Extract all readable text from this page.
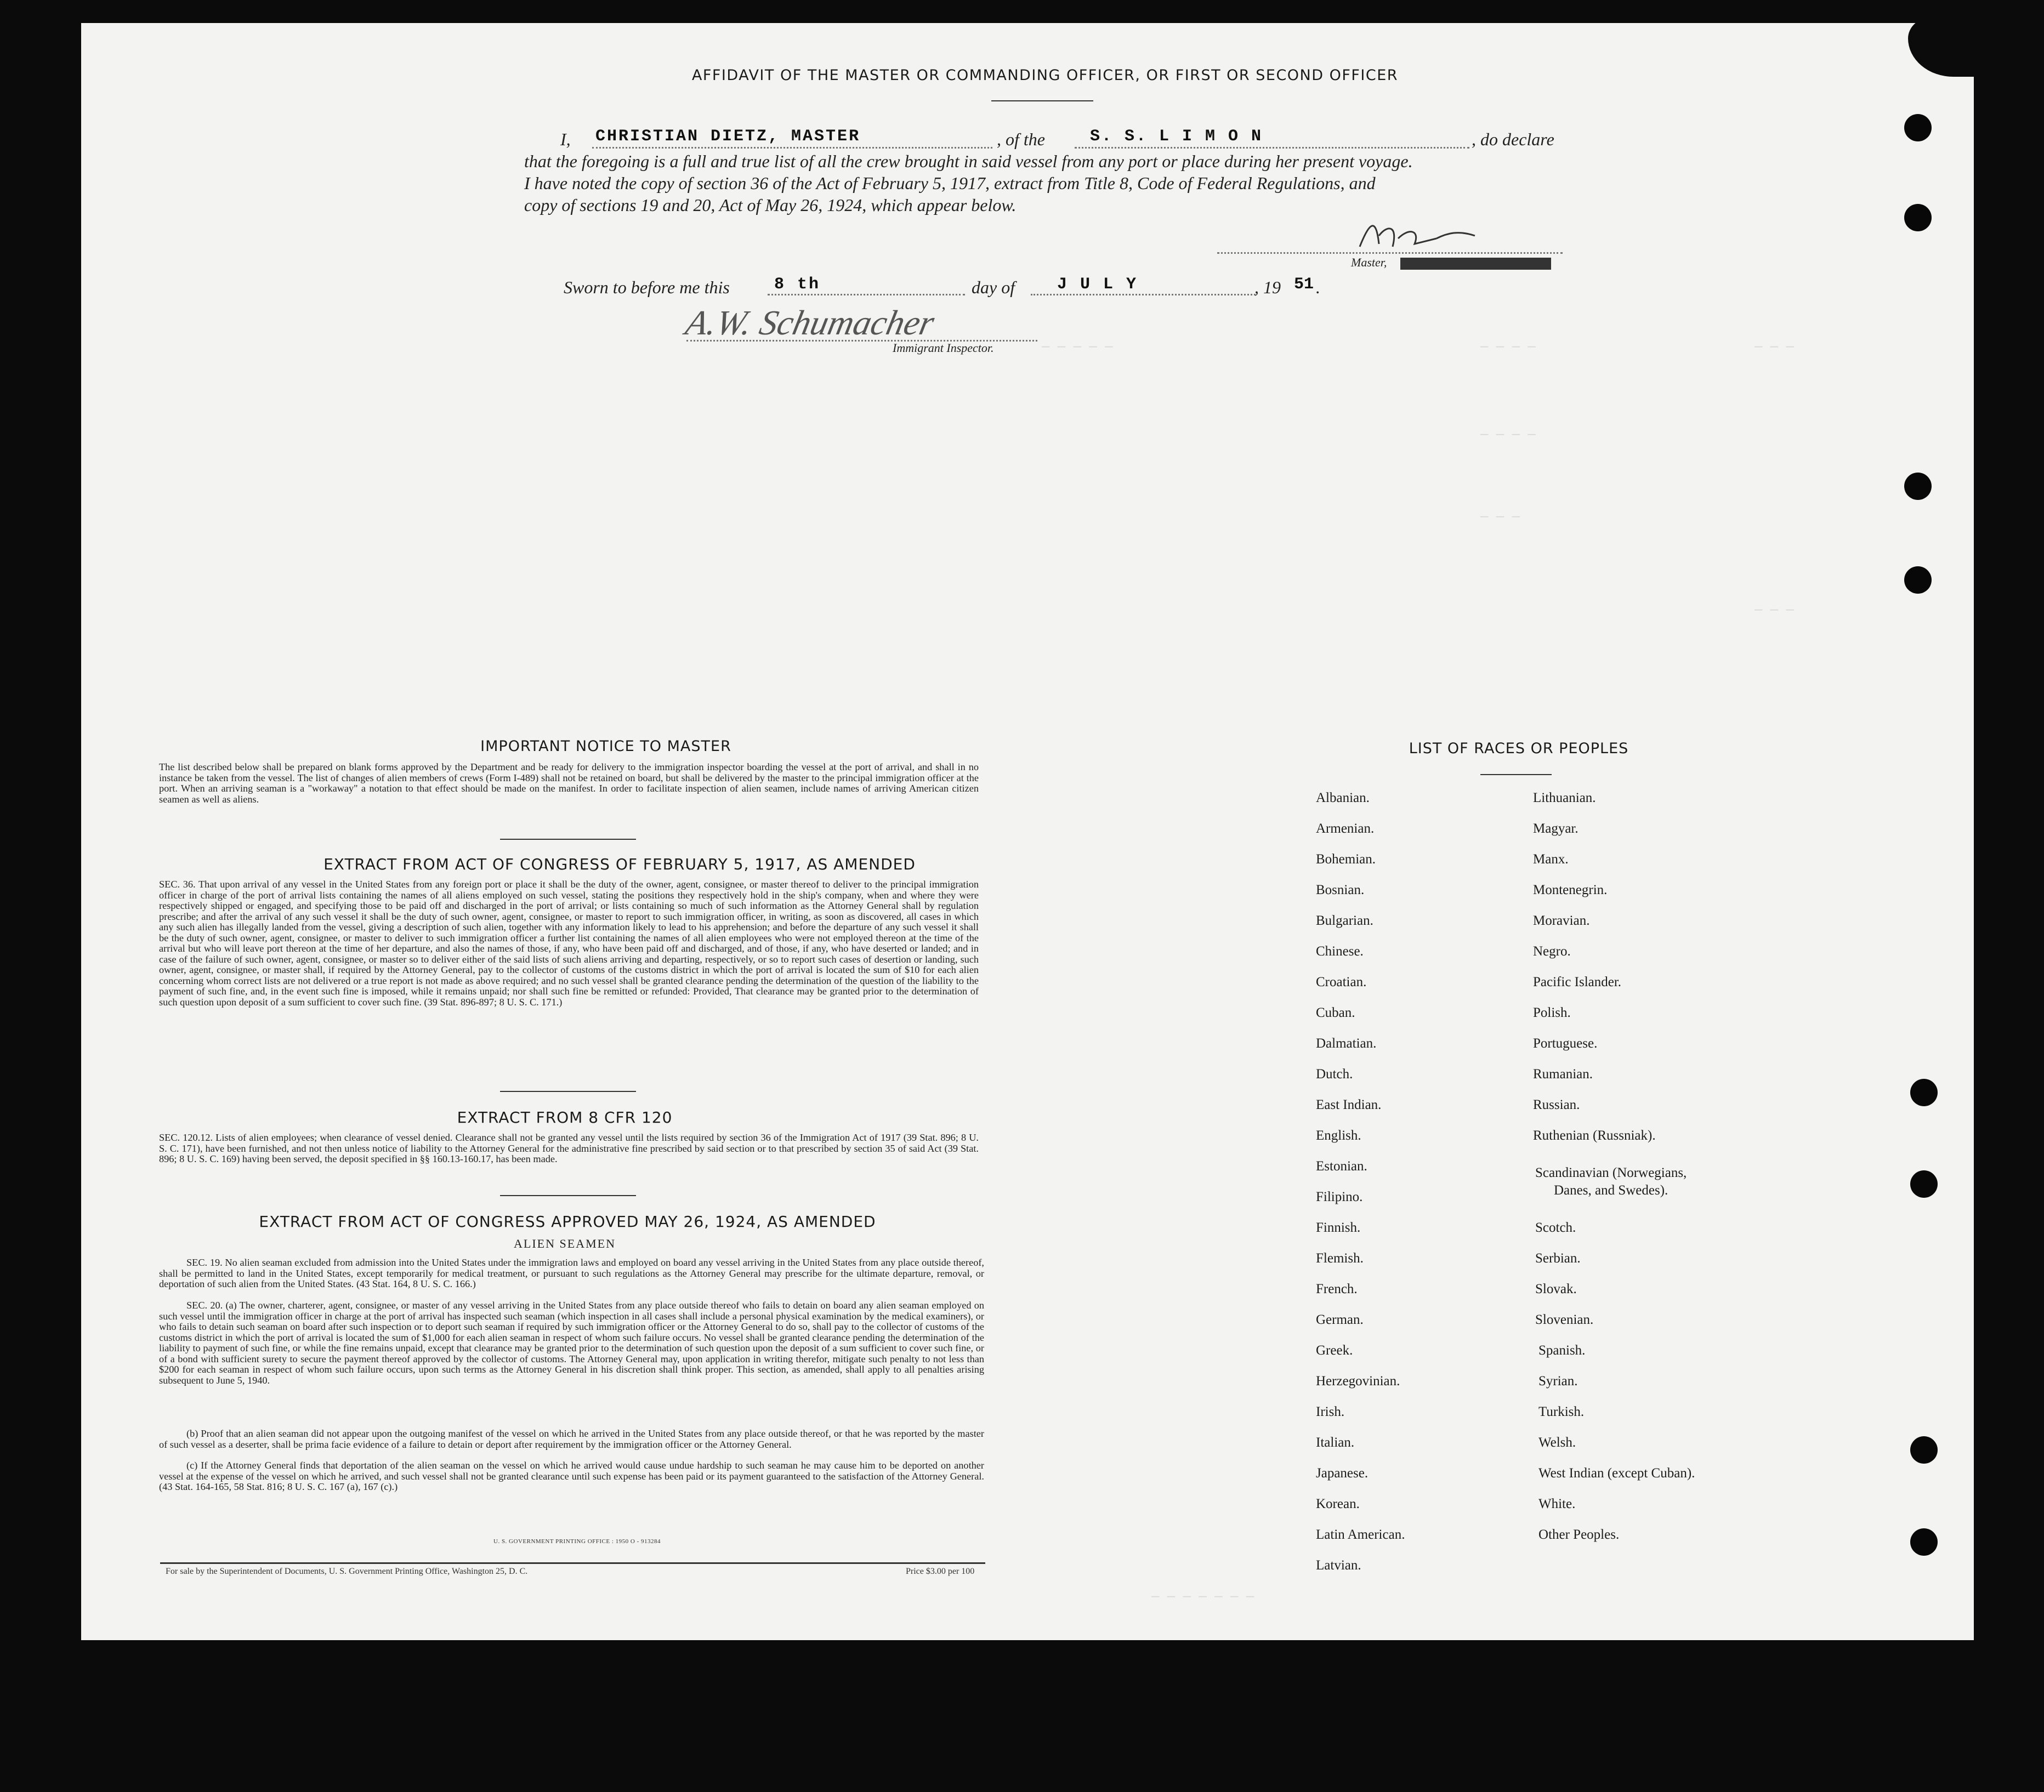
— — — — —	— — — —	— — —
— — — —
— — —
— — —
— — — — — — —
AFFIDAVIT OF THE MASTER OR COMMANDING OFFICER, OR FIRST OR SECOND OFFICER
I, CHRISTIAN DIETZ, MASTER	, of the	S. S. L I M O N	, do declare
that the foregoing is a full and true list of all the crew brought in said vessel from any port or place during her present voyage.
I have noted the copy of section 36 of the Act of February 5, 1917, extract from Title 8, Code of Federal Regulations, and
copy of sections 19 and 20, Act of May 26, 1924, which appear below.
Master,
Sworn to before me this	8 th	day of	J U L Y	, 19 51 .
A.W. Schumacher
Immigrant Inspector.
IMPORTANT NOTICE TO MASTER
The list described below shall be prepared on blank forms approved by the Department and be ready for delivery to the immigration inspector boarding the vessel at the port of arrival, and shall in no instance be taken from the vessel. The list of changes of alien members of crews (Form I-489) shall not be retained on board, but shall be delivered by the master to the principal immigration officer at the port. When an arriving seaman is a "workaway" a notation to that effect should be made on the manifest. In order to facilitate inspection of alien seamen, include names of arriving American citizen seamen as well as aliens.
EXTRACT FROM ACT OF CONGRESS OF FEBRUARY 5, 1917, AS AMENDED
SEC. 36. That upon arrival of any vessel in the United States from any foreign port or place it shall be the duty of the owner, agent, consignee, or master thereof to deliver to the principal immigration officer in charge of the port of arrival lists containing the names of all aliens employed on such vessel, stating the positions they respectively hold in the ship's company, when and where they were respectively shipped or engaged, and specifying those to be paid off and discharged in the port of arrival; or lists containing so much of such information as the Attorney General shall by regulation prescribe; and after the arrival of any such vessel it shall be the duty of such owner, agent, consignee, or master to report to such immigration officer, in writing, as soon as discovered, all cases in which any such alien has illegally landed from the vessel, giving a description of such alien, together with any information likely to lead to his apprehension; and before the departure of any such vessel it shall be the duty of such owner, agent, consignee, or master to deliver to such immigration officer a further list containing the names of all alien employees who were not employed thereon at the time of the arrival but who will leave port thereon at the time of her departure, and also the names of those, if any, who have been paid off and discharged, and of those, if any, who have deserted or landed; and in case of the failure of such owner, agent, consignee, or master so to deliver either of the said lists of such aliens arriving and departing, respectively, or so to report such cases of desertion or landing, such owner, agent, consignee, or master shall, if required by the Attorney General, pay to the collector of customs of the customs district in which the port of arrival is located the sum of $10 for each alien concerning whom correct lists are not delivered or a true report is not made as above required; and no such vessel shall be granted clearance pending the determination of the question of the liability to the payment of such fine, and, in the event such fine is imposed, while it remains unpaid; nor shall such fine be remitted or refunded: Provided, That clearance may be granted prior to the determination of such question upon deposit of a sum sufficient to cover such fine. (39 Stat. 896-897; 8 U. S. C. 171.)
EXTRACT FROM 8 CFR 120
SEC. 120.12. Lists of alien employees; when clearance of vessel denied. Clearance shall not be granted any vessel until the lists required by section 36 of the Immigration Act of 1917 (39 Stat. 896; 8 U. S. C. 171), have been furnished, and not then unless notice of liability to the Attorney General for the administrative fine prescribed by said section or to that prescribed by section 35 of said Act (39 Stat. 896; 8 U. S. C. 169) having been served, the deposit specified in §§ 160.13-160.17, has been made.
EXTRACT FROM ACT OF CONGRESS APPROVED MAY 26, 1924, AS AMENDED
ALIEN SEAMEN
SEC. 19. No alien seaman excluded from admission into the United States under the immigration laws and employed on board any vessel arriving in the United States from any place outside thereof, shall be permitted to land in the United States, except temporarily for medical treatment, or pursuant to such regulations as the Attorney General may prescribe for the ultimate departure, removal, or deportation of such alien from the United States. (43 Stat. 164, 8 U. S. C. 166.)
SEC. 20. (a) The owner, charterer, agent, consignee, or master of any vessel arriving in the United States from any place outside thereof who fails to detain on board any alien seaman employed on such vessel until the immigration officer in charge at the port of arrival has inspected such seaman (which inspection in all cases shall include a personal physical examination by the medical examiners), or who fails to detain such seaman on board after such inspection or to deport such seaman if required by such immigration officer or the Attorney General to do so, shall pay to the collector of customs of the customs district in which the port of arrival is located the sum of $1,000 for each alien seaman in respect of whom such failure occurs. No vessel shall be granted clearance pending the determination of the liability to payment of such fine, or while the fine remains unpaid, except that clearance may be granted prior to the determination of such question upon the deposit of a sum sufficient to cover such fine, or of a bond with sufficient surety to secure the payment thereof approved by the collector of customs. The Attorney General may, upon application in writing therefor, mitigate such penalty to not less than $200 for each seaman in respect of whom such failure occurs, upon such terms as the Attorney General in his discretion shall think proper. This section, as amended, shall apply to all penalties arising subsequent to June 5, 1940.
(b) Proof that an alien seaman did not appear upon the outgoing manifest of the vessel on which he arrived in the United States from any place outside thereof, or that he was reported by the master of such vessel as a deserter, shall be prima facie evidence of a failure to detain or deport after requirement by the immigration officer or the Attorney General.
(c) If the Attorney General finds that deportation of the alien seaman on the vessel on which he arrived would cause undue hardship to such seaman he may cause him to be deported on another vessel at the expense of the vessel on which he arrived, and such vessel shall not be granted clearance until such expense has been paid or its payment guaranteed to the satisfaction of the Attorney General. (43 Stat. 164-165, 58 Stat. 816; 8 U. S. C. 167 (a), 167 (c).)
U. S. GOVERNMENT PRINTING OFFICE : 1950 O - 913284
For sale by the Superintendent of Documents, U. S. Government Printing Office, Washington 25, D. C.	Price $3.00 per 100
LIST OF RACES OR PEOPLES
Albanian.
Armenian.
Bohemian.
Bosnian.
Bulgarian.
Chinese.
Croatian.
Cuban.
Dalmatian.
Dutch.
East Indian.
English.
Estonian.
Filipino.
Finnish.
Flemish.
French.
German.
Greek.
Herzegovinian.
Irish.
Italian.
Japanese.
Korean.
Latin American.
Latvian.
Lithuanian.
Magyar.
Manx.
Montenegrin.
Moravian.
Negro.
Pacific Islander.
Polish.
Portuguese.
Rumanian.
Russian.
Ruthenian (Russniak).
Scandinavian (Norwegians,
Danes, and Swedes).
Scotch.
Serbian.
Slovak.
Slovenian.
Spanish.
Syrian.
Turkish.
Welsh.
West Indian (except Cuban).
White.
Other Peoples.
